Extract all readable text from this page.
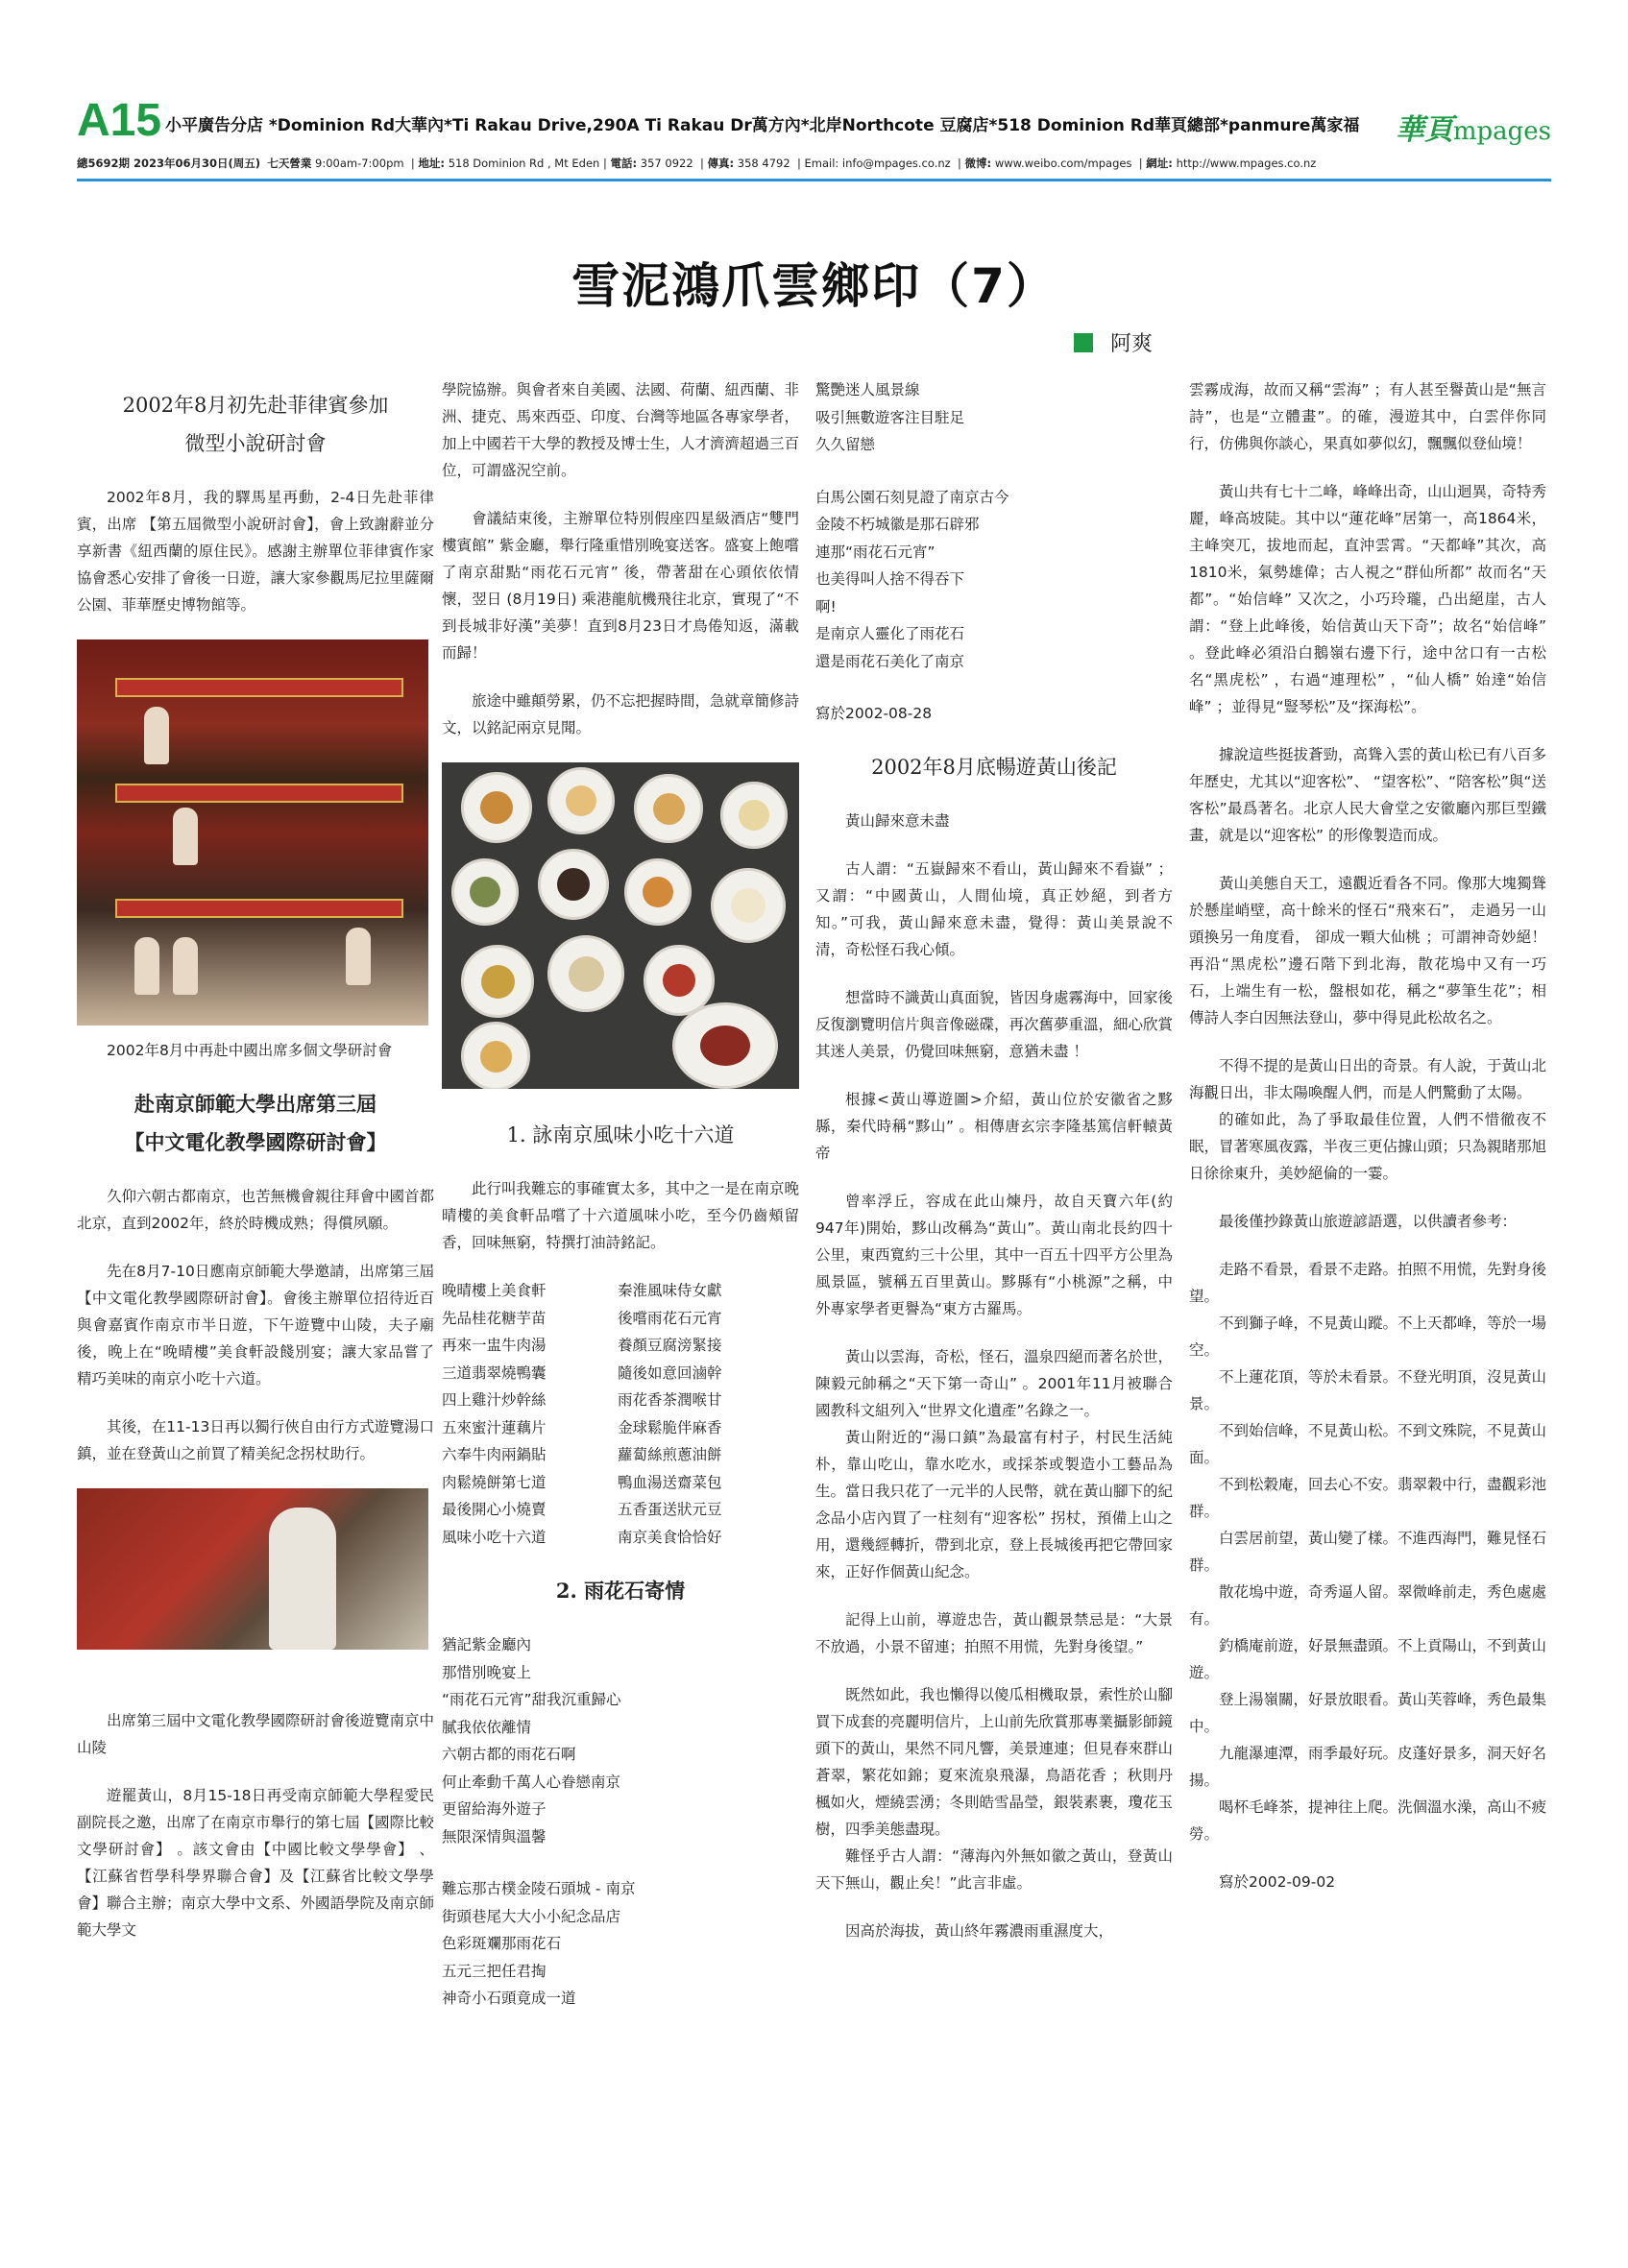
A15 小平廣告分店 *Dominion Rd大華內*Ti Rakau Drive,290A Ti Rakau Dr萬方內*北岸Northcote 豆腐店*518 Dominion Rd華頁總部*panmure萬家福 華頁mpages
總5692期 2023年06月30日(周五) 七天營業 9:00am-7:00pm  | 地址: 518 Dominion Rd , Mt Eden | 電話: 357 0922  | 傳真: 358 4792  | Email: info@mpages.co.nz  | 微博: www.weibo.com/mpages  | 網址: http://www.mpages.co.nz
雪泥鴻爪雲鄉印（7）
阿爽
2002年8月初先赴菲律賓參加
微型小說研討會

2002年8月，我的驛馬星再動，2-4日先赴菲律賓，出席 【第五屆微型小說研討會】，會上致謝辭並分享新書《紐西蘭的原住民》。感謝主辦單位菲律賓作家協會悉心安排了會後一日遊，讓大家參觀馬尼拉里薩爾公園、菲華歷史博物館等。

2002年8月中再赴中國出席多個文學研討會

赴南京師範大學出席第三屆
【中文電化教學國際研討會】

久仰六朝古都南京，也苦無機會親往拜會中國首都北京，直到2002年，終於時機成熟；得償夙願。

先在8月7-10日應南京師範大學邀請，出席第三屆【中文電化教學國際研討會】。會後主辦單位招待近百與會嘉賓作南京市半日遊，下午遊覽中山陵，夫子廟後，晚上在“晚晴樓”美食軒設餞別宴；讓大家品嘗了精巧美味的南京小吃十六道。

其後，在11-13日再以獨行俠自由行方式遊覽湯口鎮，並在登黃山之前買了精美紀念拐杖助行。

出席第三屆中文電化教學國際研討會後遊覽南京中山陵

遊罷黃山，8月15-18日再受南京師範大學程愛民副院長之邀，出席了在南京市舉行的第七屆【國際比較文學研討會】 。該文會由【中國比較文學學會】 、【江蘇省哲學科學界聯合會】及【江蘇省比較文學學會】聯合主辦；南京大學中文系、外國語學院及南京師範大學文

學院協辦。與會者來自美國、法國、荷蘭、紐西蘭、非洲、捷克、馬來西亞、印度、台灣等地區各專家學者，加上中國若干大學的教授及博士生，人才濟濟超過三百位，可謂盛況空前。

會議結束後，主辦單位特別假座四星級酒店“雙門樓賓館” 紫金廳，舉行隆重惜別晚宴送客。盛宴上飽嚐了南京甜點“雨花石元宵” 後，帶著甜在心頭依依情懷，翌日 (8月19日) 乘港龍航機飛往北京，實現了“不到長城非好漢”美夢！直到8月23日才鳥倦知返，滿載而歸！

旅途中雖顛勞累，仍不忘把握時間，急就章簡修詩文，以銘記兩京見聞。

1. 詠南京風味小吃十六道

此行叫我難忘的事確實太多，其中之一是在南京晚晴樓的美食軒品嚐了十六道風味小吃，至今仍齒頰留香，回味無窮，特撰打油詩銘記。

晚晴樓上美食軒	秦淮風味侍女獻
先品桂花糖芋苗	後嚐雨花石元宵
再來一盅牛肉湯	養顏豆腐滂緊接
三道翡翠燒鴨囊	隨後如意回滷幹
四上雞汁炒幹絲	雨花香茶潤喉甘
五來蜜汁蓮藕片	金球鬆脆伴麻香
六奉牛肉兩鍋貼	蘿蔔絲煎蔥油餅
肉鬆燒餅第七道	鴨血湯送齋菜包
最後開心小燒賣	五香蛋送狀元豆
風味小吃十六道	南京美食恰恰好
2. 雨花石寄情
猶記紫金廳內
那惜別晚宴上
“雨花石元宵”甜我沉重歸心
膩我依依離情
六朝古都的雨花石啊
何止牽動千萬人心眷戀南京
更留給海外遊子
無限深情與溫馨
難忘那古樸金陵石頭城 - 南京
街頭巷尾大大小小紀念品店
色彩斑斕那雨花石
五元三把任君掏
神奇小石頭竟成一道
驚艷迷人風景線
吸引無數遊客注目駐足
久久留戀
白馬公園石刻見證了南京古今
金陵不朽城徽是那石辟邪
連那“雨花石元宵”
也美得叫人捨不得吞下
啊!
是南京人靈化了雨花石
還是雨花石美化了南京

寫於2002-08-28

2002年8月底暢遊黃山後記

黃山歸來意未盡

古人謂：“五嶽歸來不看山，黃山歸來不看嶽” ；又謂：“中國黃山，人間仙境，真正妙絕，到者方知。”可我，黃山歸來意未盡，覺得：黃山美景說不清，奇松怪石我心傾。

想當時不識黃山真面貌，皆因身處霧海中，回家後反復瀏覽明信片與音像磁碟，再次舊夢重溫，細心欣賞其迷人美景，仍覺回味無窮，意猶未盡 ！

根據<黃山導遊圖>介紹，黃山位於安徽省之黟縣，秦代時稱“黟山” 。相傳唐玄宗李隆基篤信軒轅黃帝

曾率浮丘，容成在此山煉丹，故自天寶六年(約947年)開始，黟山改稱為“黃山”。黃山南北長約四十公里，東西寬約三十公里，其中一百五十四平方公里為風景區，號稱五百里黃山。黟縣有“小桃源”之稱，中外專家學者更譽為“東方古羅馬。

黃山以雲海，奇松，怪石，溫泉四絕而著名於世，陳毅元帥稱之“天下第一奇山” 。2001年11月被聯合國教科文組列入“世界文化遺產”名錄之一。

黃山附近的“湯口鎮”為最富有村子，村民生活純朴，靠山吃山，靠水吃水，或採茶或製造小工藝品為生。當日我只花了一元半的人民幣，就在黃山腳下的紀念品小店內買了一柱刻有“迎客松” 拐杖，預備上山之用，還幾經轉折，帶到北京，登上長城後再把它帶回家來，正好作個黃山紀念。

記得上山前，導遊忠告，黃山觀景禁忌是：“大景不放過，小景不留連；拍照不用慌，先對身後望。”

既然如此，我也懶得以傻瓜相機取景，索性於山腳買下成套的亮麗明信片，上山前先欣賞那專業攝影師鏡頭下的黃山，果然不同凡響，美景連連；但見春來群山蒼翠，繁花如錦；夏來流泉飛瀑，鳥語花香 ；秋則丹楓如火，煙繞雲湧；冬則皓雪晶瑩，銀裝素裹，瓊花玉樹，四季美態盡現。

難怪乎古人謂：“薄海內外無如徽之黃山，登黃山天下無山，觀止矣！”此言非虛。

因高於海拔，黃山終年霧濃雨重濕度大，

雲霧成海，故而又稱“雲海” ；有人甚至譽黃山是“無言詩”，也是“立體畫”。的確，漫遊其中，白雲伴你同行，仿佛與你談心，果真如夢似幻，飄飄似登仙境！

黃山共有七十二峰，峰峰出奇，山山迴異，奇特秀麗，峰高坡陡。其中以“蓮花峰”居第一，高1864米，主峰突兀，拔地而起，直沖雲霄。“天都峰”其次，高1810米，氣勢雄偉；古人視之“群仙所都” 故而名“天都”。“始信峰” 又次之，小巧玲瓏，凸出絕崖，古人謂：“登上此峰後，始信黃山天下奇”；故名“始信峰” 。登此峰必須沿白鵝嶺右邊下行，途中岔口有一古松名“黑虎松” ，右過“連理松” ，“仙人橋” 始達“始信峰” ；並得見“豎琴松”及“探海松”。

據說這些挺拔蒼勁，高聳入雲的黃山松已有八百多年歷史，尤其以“迎客松”、 “望客松”、“陪客松”與“送客松”最爲著名。北京人民大會堂之安徽廳內那巨型鐵畫，就是以“迎客松” 的形像製造而成。

黃山美態自天工，遠觀近看各不同。像那大塊獨聳於懸崖峭壁，高十餘米的怪石“飛來石”， 走過另一山頭換另一角度看， 卻成一顆大仙桃 ；可謂神奇妙絕！ 再沿“黑虎松”邊石階下到北海，散花塢中又有一巧石，上端生有一松，盤根如花，稱之“夢筆生花”；相傳詩人李白因無法登山，夢中得見此松故名之。

不得不提的是黃山日出的奇景。有人說，于黃山北海觀日出，非太陽喚醒人們，而是人們驚動了太陽。

的確如此，為了爭取最佳位置，人們不惜徹夜不眠，冒著寒風夜露，半夜三更佔據山頭；只為親睹那旭日徐徐東升，美妙絕倫的一霎。

最後僅抄錄黃山旅遊諺語選，以供讀者參考：

走路不看景，看景不走路。拍照不用慌，先對身後望。

不到獅子峰，不見黃山蹤。不上天都峰，等於一場空。

不上蓮花頂，等於未看景。不登光明頂，沒見黃山景。

不到始信峰，不見黃山松。不到文殊院，不見黃山面。

不到松穀庵，回去心不安。翡翠穀中行，盡觀彩池群。

白雲居前望，黃山變了樣。不進西海門，難見怪石群。

散花塢中遊，奇秀逼人留。翠微峰前走，秀色處處有。

釣橋庵前遊，好景無盡頭。不上貢陽山，不到黃山遊。

登上湯嶺關，好景放眼看。黃山芙蓉峰，秀色最集中。

九龍瀑連潭，雨季最好玩。皮蓬好景多，洞天好名揚。

喝杯毛峰茶，提神往上爬。洗個溫水澡，高山不疲勞。

寫於2002-09-02
